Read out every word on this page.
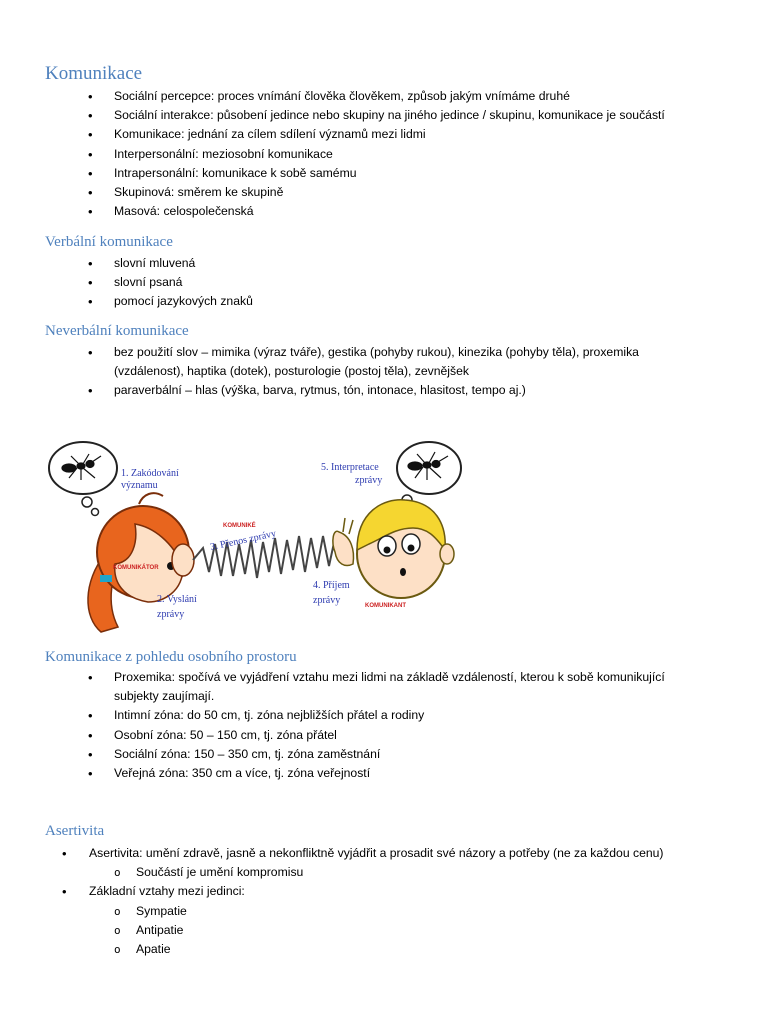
Komunikace
• Sociální percepce: proces vnímání člověka člověkem, způsob jakým vnímáme druhé
• Sociální interakce: působení jedince nebo skupiny na jiného jedince / skupinu, komunikace je součástí
• Komunikace: jednání za cílem sdílení významů mezi lidmi
• Interpersonální: meziosobní komunikace
• Intrapersonální: komunikace k sobě samému
• Skupinová: směrem ke skupině
• Masová: celospolečenská
Verbální komunikace
• slovní mluvená
• slovní psaná
• pomocí jazykových znaků
Neverbální komunikace
• bez použití slov – mimika (výraz tváře), gestika (pohyby rukou), kinezika (pohyby těla), proxemika (vzdálenost), haptika (dotek), posturologie (postoj těla), zevnějšek
• paraverbální – hlas (výška, barva, rytmus, tón, intonace, hlasitost, tempo aj.)
1. Zakódování významu
2. Vyslání zprávy
3. Přenos zprávy
4. Příjem zprávy
5. Interpretace zprávy
KOMUNIKÁTOR
KOMUNIKÉ
KOMUNIKANT
Komunikace z pohledu osobního prostoru
• Proxemika: spočívá ve vyjádření vztahu mezi lidmi na základě vzdáleností, kterou k sobě komunikující subjekty zaujímají.
• Intimní zóna: do 50 cm, tj. zóna nejbližších přátel a rodiny
• Osobní zóna: 50 – 150 cm, tj. zóna přátel
• Sociální zóna: 150 – 350 cm, tj. zóna zaměstnání
• Veřejná zóna: 350 cm a více, tj. zóna veřejností
Asertivita
• Asertivita: umění zdravě, jasně a nekonfliktně vyjádřit a prosadit své názory a potřeby (ne za každou cenu)
o Součástí je umění kompromisu
• Základní vztahy mezi jedinci:
o Sympatie
o Antipatie
o Apatie
